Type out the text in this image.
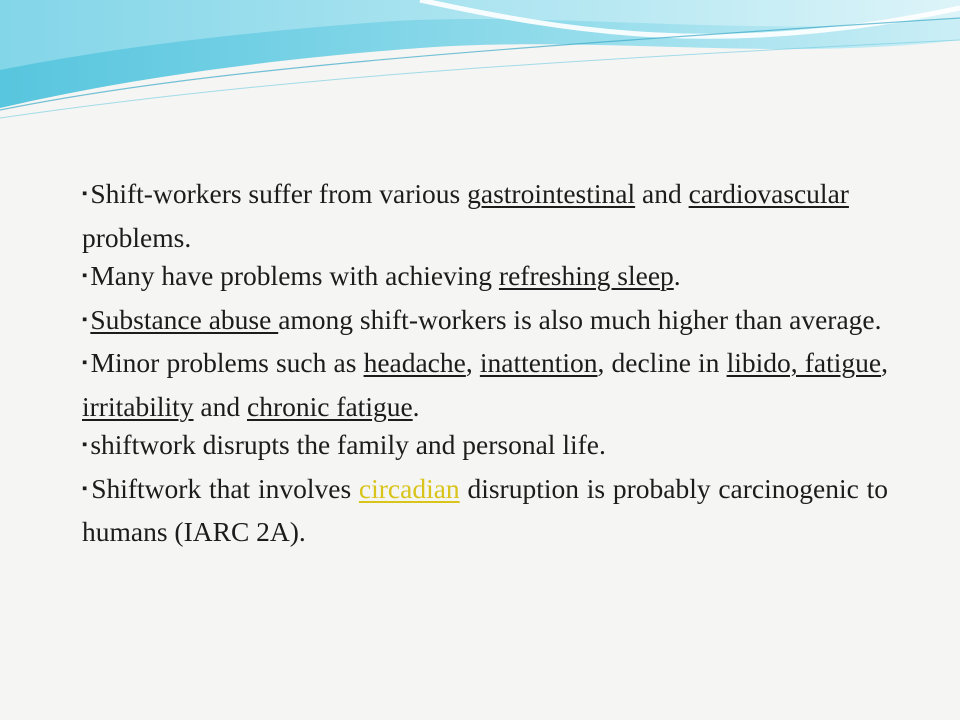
▪ Shift-workers suffer from various gastrointestinal and cardiovascular problems.

▪ Many have problems with achieving refreshing sleep.

▪ Substance abuse among shift-workers is also much higher than average.

▪ Minor problems such as headache, inattention, decline in libido, fatigue, irritability and chronic fatigue.

▪ shiftwork disrupts the family and personal life.

▪ Shiftwork that involves circadian disruption is probably carcinogenic to humans (IARC 2A).
